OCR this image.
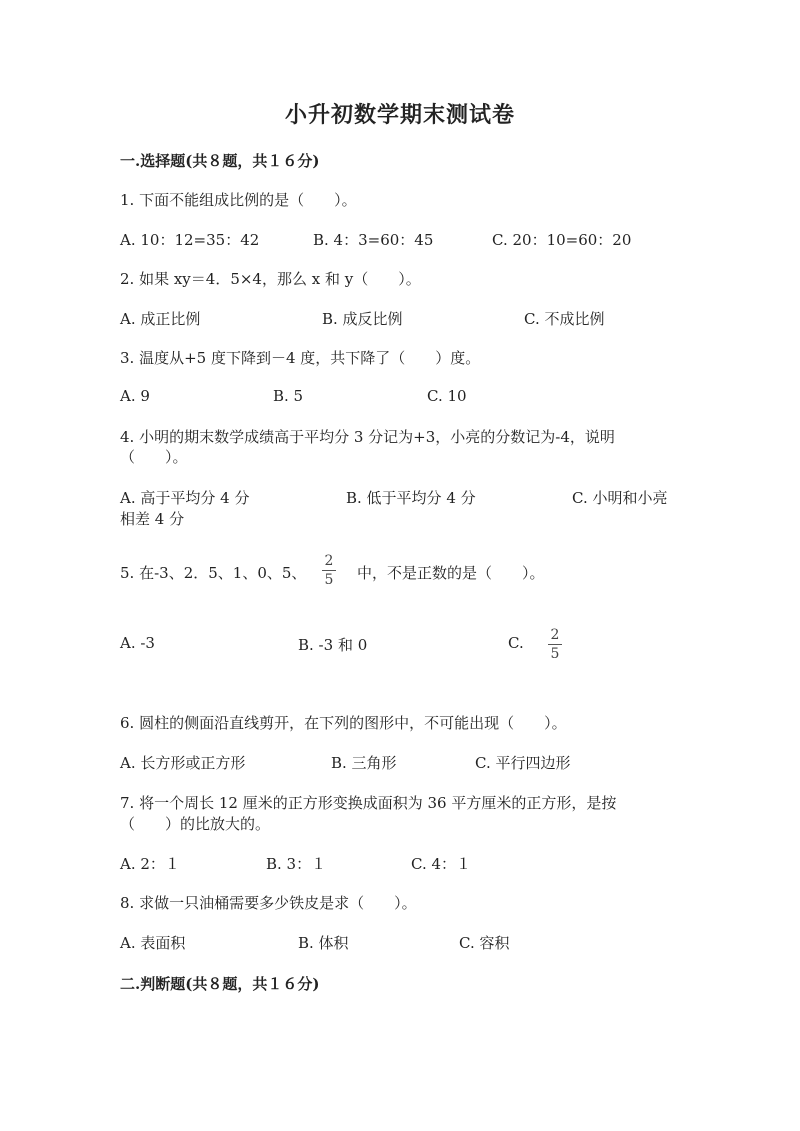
小升初数学期末测试卷
一.选择题(共８题，共１６分)
1. 下面不能组成比例的是（　　）。
A. 10：12=35：42	B. 4：3=60：45	C. 20：10=60：20
2. 如果 xy＝4．5×4，那么 x 和 y（　　）。
A. 成正比例	B. 成反比例	C. 不成比例
3. 温度从+5 度下降到－4 度，共下降了（　　）度。
A. 9	B. 5	C. 10
4. 小明的期末数学成绩高于平均分 3 分记为+3，小亮的分数记为-4，说明
（　　）。
A. 高于平均分 4 分	B. 低于平均分 4 分	C. 小明和小亮
相差 4 分
5. 在-3、2．5、1、0、5、
2
5 中，不是正数的是（　　）。
A. -3	B. -3 和 0	C. 2
5
6. 圆柱的侧面沿直线剪开，在下列的图形中，不可能出现（　　）。
A. 长方形或正方形	B. 三角形	C. 平行四边形
7. 将一个周长 12 厘米的正方形变换成面积为 36 平方厘米的正方形，是按
（　　）的比放大的。
A. 2：１	B. 3：１	C. 4：１
8. 求做一只油桶需要多少铁皮是求（　　）。
A. 表面积	B. 体积	C. 容积
二.判断题(共８题，共１６分)
